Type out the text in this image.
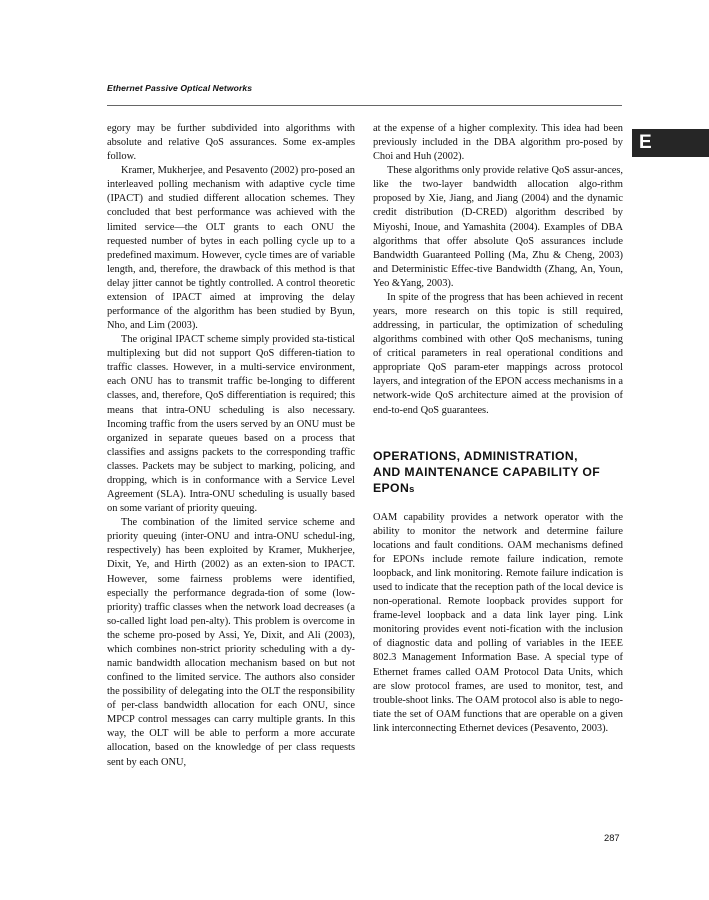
Ethernet Passive Optical Networks
E

egory may be further subdivided into algorithms with absolute and relative QoS assurances. Some ex-amples follow.

Kramer, Mukherjee, and Pesavento (2002) pro-posed an interleaved polling mechanism with adaptive cycle time (IPACT) and studied different allocation schemes. They concluded that best performance was achieved with the limited service—the OLT grants to each ONU the requested number of bytes in each polling cycle up to a predefined maximum. However, cycle times are of variable length, and, therefore, the drawback of this method is that delay jitter cannot be tightly controlled. A control theoretic extension of IPACT aimed at improving the delay performance of the algorithm has been studied by Byun, Nho, and Lim (2003).

The original IPACT scheme simply provided sta-tistical multiplexing but did not support QoS differen-tiation to traffic classes. However, in a multi-service environment, each ONU has to transmit traffic be-longing to different classes, and, therefore, QoS differentiation is required; this means that intra-ONU scheduling is also necessary. Incoming traffic from the users served by an ONU must be organized in separate queues based on a process that classifies and assigns packets to the corresponding traffic classes. Packets may be subject to marking, policing, and dropping, which is in conformance with a Service Level Agreement (SLA). Intra-ONU scheduling is usually based on some variant of priority queuing.

The combination of the limited service scheme and priority queuing (inter-ONU and intra-ONU schedul-ing, respectively) has been exploited by Kramer, Mukherjee, Dixit, Ye, and Hirth (2002) as an exten-sion to IPACT. However, some fairness problems were identified, especially the performance degrada-tion of some (low-priority) traffic classes when the network load decreases (a so-called light load pen-alty). This problem is overcome in the scheme pro-posed by Assi, Ye, Dixit, and Ali (2003), which combines non-strict priority scheduling with a dy-namic bandwidth allocation mechanism based on but not confined to the limited service. The authors also consider the possibility of delegating into the OLT the responsibility of per-class bandwidth allocation for each ONU, since MPCP control messages can carry multiple grants. In this way, the OLT will be able to perform a more accurate allocation, based on the knowledge of per class requests sent by each ONU,

at the expense of a higher complexity. This idea had been previously included in the DBA algorithm pro-posed by Choi and Huh (2002).

These algorithms only provide relative QoS assur-ances, like the two-layer bandwidth allocation algo-rithm proposed by Xie, Jiang, and Jiang (2004) and the dynamic credit distribution (D-CRED) algorithm described by Miyoshi, Inoue, and Yamashita (2004). Examples of DBA algorithms that offer absolute QoS assurances include Bandwidth Guaranteed Polling (Ma, Zhu & Cheng, 2003) and Deterministic Effec-tive Bandwidth (Zhang, An, Youn, Yeo &Yang, 2003).

In spite of the progress that has been achieved in recent years, more research on this topic is still required, addressing, in particular, the optimization of scheduling algorithms combined with other QoS mechanisms, tuning of critical parameters in real operational conditions and appropriate QoS param-eter mappings across protocol layers, and integration of the EPON access mechanisms in a network-wide QoS architecture aimed at the provision of end-to-end QoS guarantees.

OPERATIONS, ADMINISTRATION,
AND MAINTENANCE CAPABILITY OF
EPONs

OAM capability provides a network operator with the ability to monitor the network and determine failure locations and fault conditions. OAM mechanisms defined for EPONs include remote failure indication, remote loopback, and link monitoring. Remote failure indication is used to indicate that the reception path of the local device is non-operational. Remote loopback provides support for frame-level loopback and a data link layer ping. Link monitoring provides event noti-fication with the inclusion of diagnostic data and polling of variables in the IEEE 802.3 Management Information Base. A special type of Ethernet frames called OAM Protocol Data Units, which are slow protocol frames, are used to monitor, test, and trouble-shoot links. The OAM protocol also is able to nego-tiate the set of OAM functions that are operable on a given link interconnecting Ethernet devices (Pesavento, 2003).

287
